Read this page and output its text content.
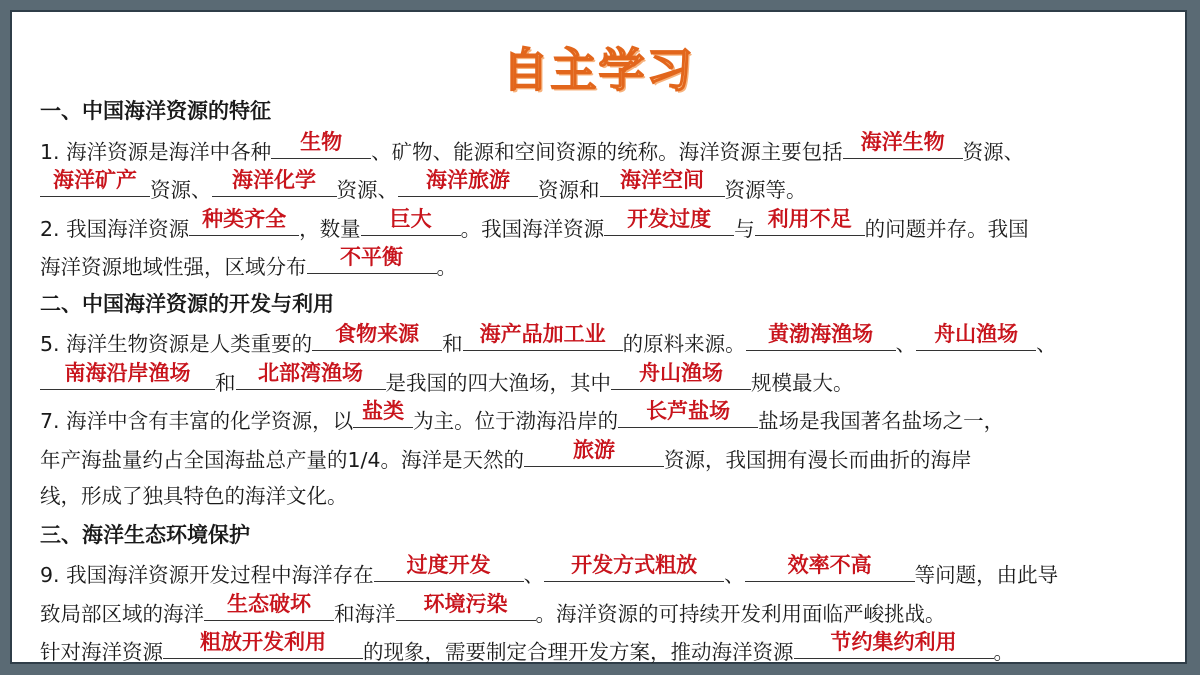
自主学习
一、中国海洋资源的特征
1. 海洋资源是海洋中各种	生物	、矿物、能源和空间资源的统称。海洋资源主要包括 海洋生物 资源、
海洋矿产 资源、 海洋化学	资源、	海洋旅游	资源和 海洋空间	资源等。
2. 我国海洋资源 种类齐全 ，数量	巨大	。我国海洋资源	开发过度	与 利用不足 的问题并存。我国
海洋资源地域性强，区域分布	不平衡	。
二、中国海洋资源的开发与利用
5. 海洋生物资源是人类重要的	食物来源	和 海产品加工业 的原料来源。	黄渤海渔场	、 舟山渔场 、
南海沿岸渔场	和	北部湾渔场	是我国的四大渔场，其中	舟山渔场	规模最大。
7. 海洋中含有丰富的化学资源，以 盐类 为主。位于渤海沿岸的	长芦盐场	盐场是我国著名盐场之一，
年产海盐量约占全国海盐总产量的1/4。海洋是天然的	旅游	资源，我国拥有漫长而曲折的海岸
线，形成了独具特色的海洋文化。
三、海洋生态环境保护
9. 我国海洋资源开发过程中海洋存在	过度开发	、	开发方式粗放	、	效率不高	等问题，由此导
致局部区域的海洋	生态破坏	和海洋	环境污染	。海洋资源的可持续开发利用面临严峻挑战。
针对海洋资源	粗放开发利用	的现象，需要制定合理开发方案，推动海洋资源	节约集约利用	。
